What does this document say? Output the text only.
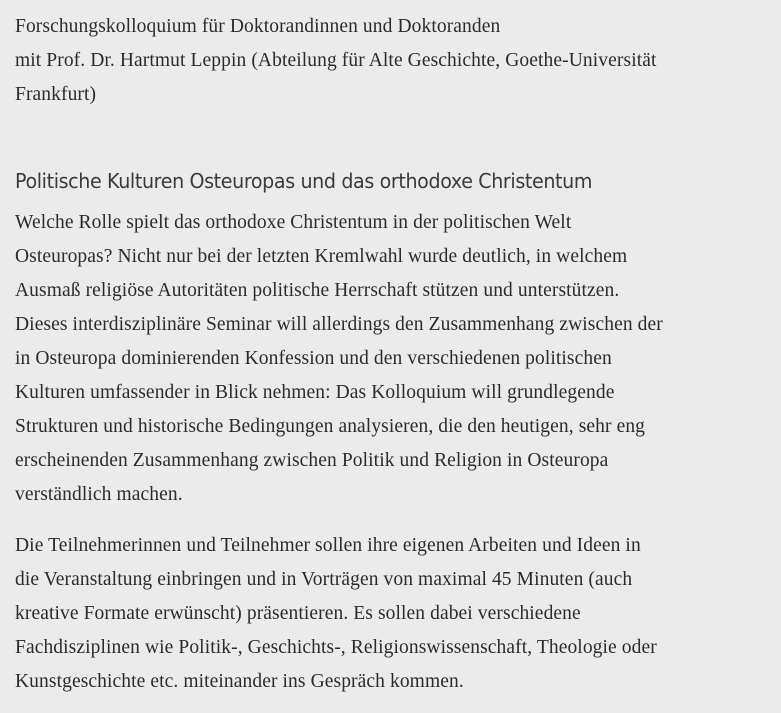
Forschungskolloquium für Doktorandinnen und Doktoranden
mit Prof. Dr. Hartmut Leppin (Abteilung für Alte Geschichte, Goethe-Universität
Frankfurt)

Politische Kulturen Osteuropas und das orthodoxe Christentum

Welche Rolle spielt das orthodoxe Christentum in der politischen Welt
Osteuropas? Nicht nur bei der letzten Kremlwahl wurde deutlich, in welchem
Ausmaß religiöse Autoritäten politische Herrschaft stützen und unterstützen.
Dieses interdisziplinäre Seminar will allerdings den Zusammenhang zwischen der
in Osteuropa dominierenden Konfession und den verschiedenen politischen
Kulturen umfassender in Blick nehmen: Das Kolloquium will grundlegende
Strukturen und historische Bedingungen analysieren, die den heutigen, sehr eng
erscheinenden Zusammenhang zwischen Politik und Religion in Osteuropa
verständlich machen.

Die Teilnehmerinnen und Teilnehmer sollen ihre eigenen Arbeiten und Ideen in
die Veranstaltung einbringen und in Vorträgen von maximal 45 Minuten (auch
kreative Formate erwünscht) präsentieren. Es sollen dabei verschiedene
Fachdisziplinen wie Politik-, Geschichts-, Religionswissenschaft, Theologie oder
Kunstgeschichte etc. miteinander ins Gespräch kommen.
